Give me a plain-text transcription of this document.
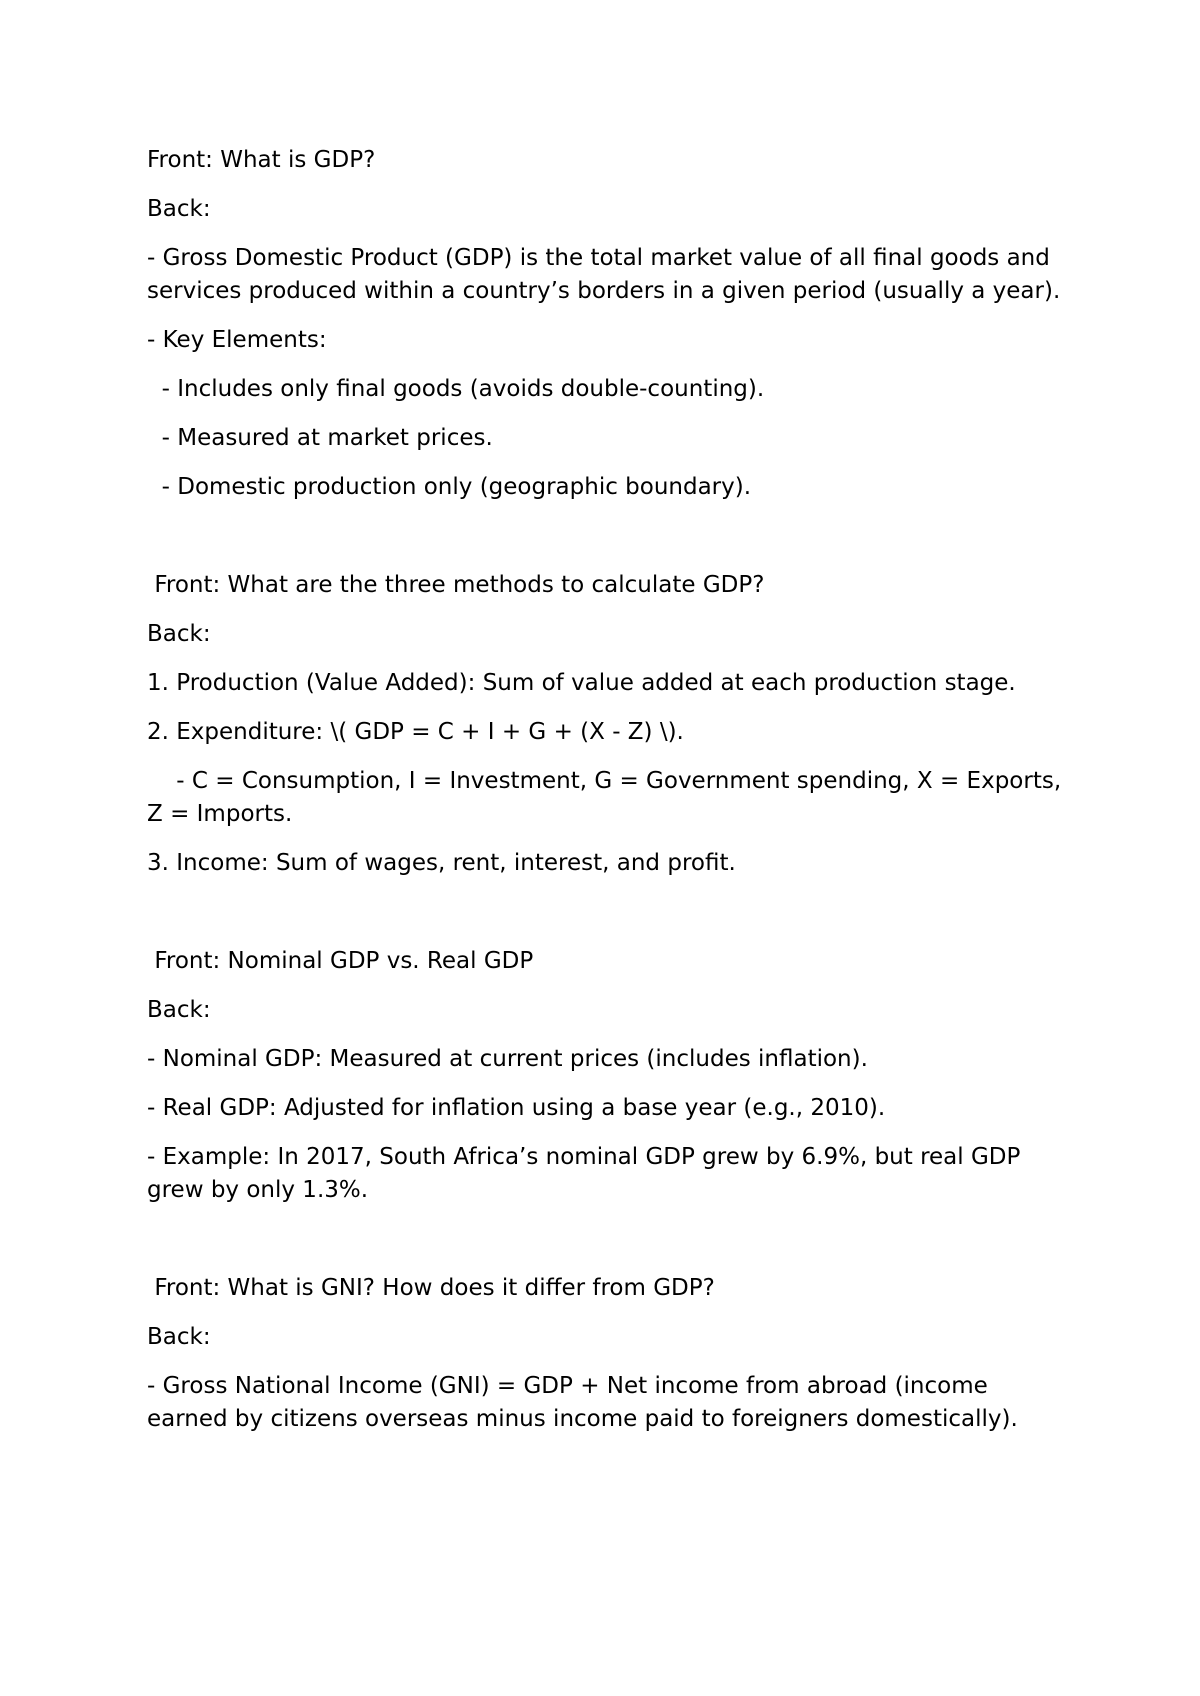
Front: What is GDP?

Back:

- Gross Domestic Product (GDP) is the total market value of all final goods and services produced within a country’s borders in a given period (usually a year).

- Key Elements:

- Includes only final goods (avoids double-counting).

- Measured at market prices.

- Domestic production only (geographic boundary).

Front: What are the three methods to calculate GDP?

Back:

1. Production (Value Added): Sum of value added at each production stage.

2. Expenditure: \( GDP = C + I + G + (X - Z) \).

- C = Consumption, I = Investment, G = Government spending, X = Exports, Z = Imports.

3. Income: Sum of wages, rent, interest, and profit.

Front: Nominal GDP vs. Real GDP

Back:

- Nominal GDP: Measured at current prices (includes inflation).

- Real GDP: Adjusted for inflation using a base year (e.g., 2010).

- Example: In 2017, South Africa’s nominal GDP grew by 6.9%, but real GDP grew by only 1.3%.

Front: What is GNI? How does it differ from GDP?

Back:

- Gross National Income (GNI) = GDP + Net income from abroad (income earned by citizens overseas minus income paid to foreigners domestically).
